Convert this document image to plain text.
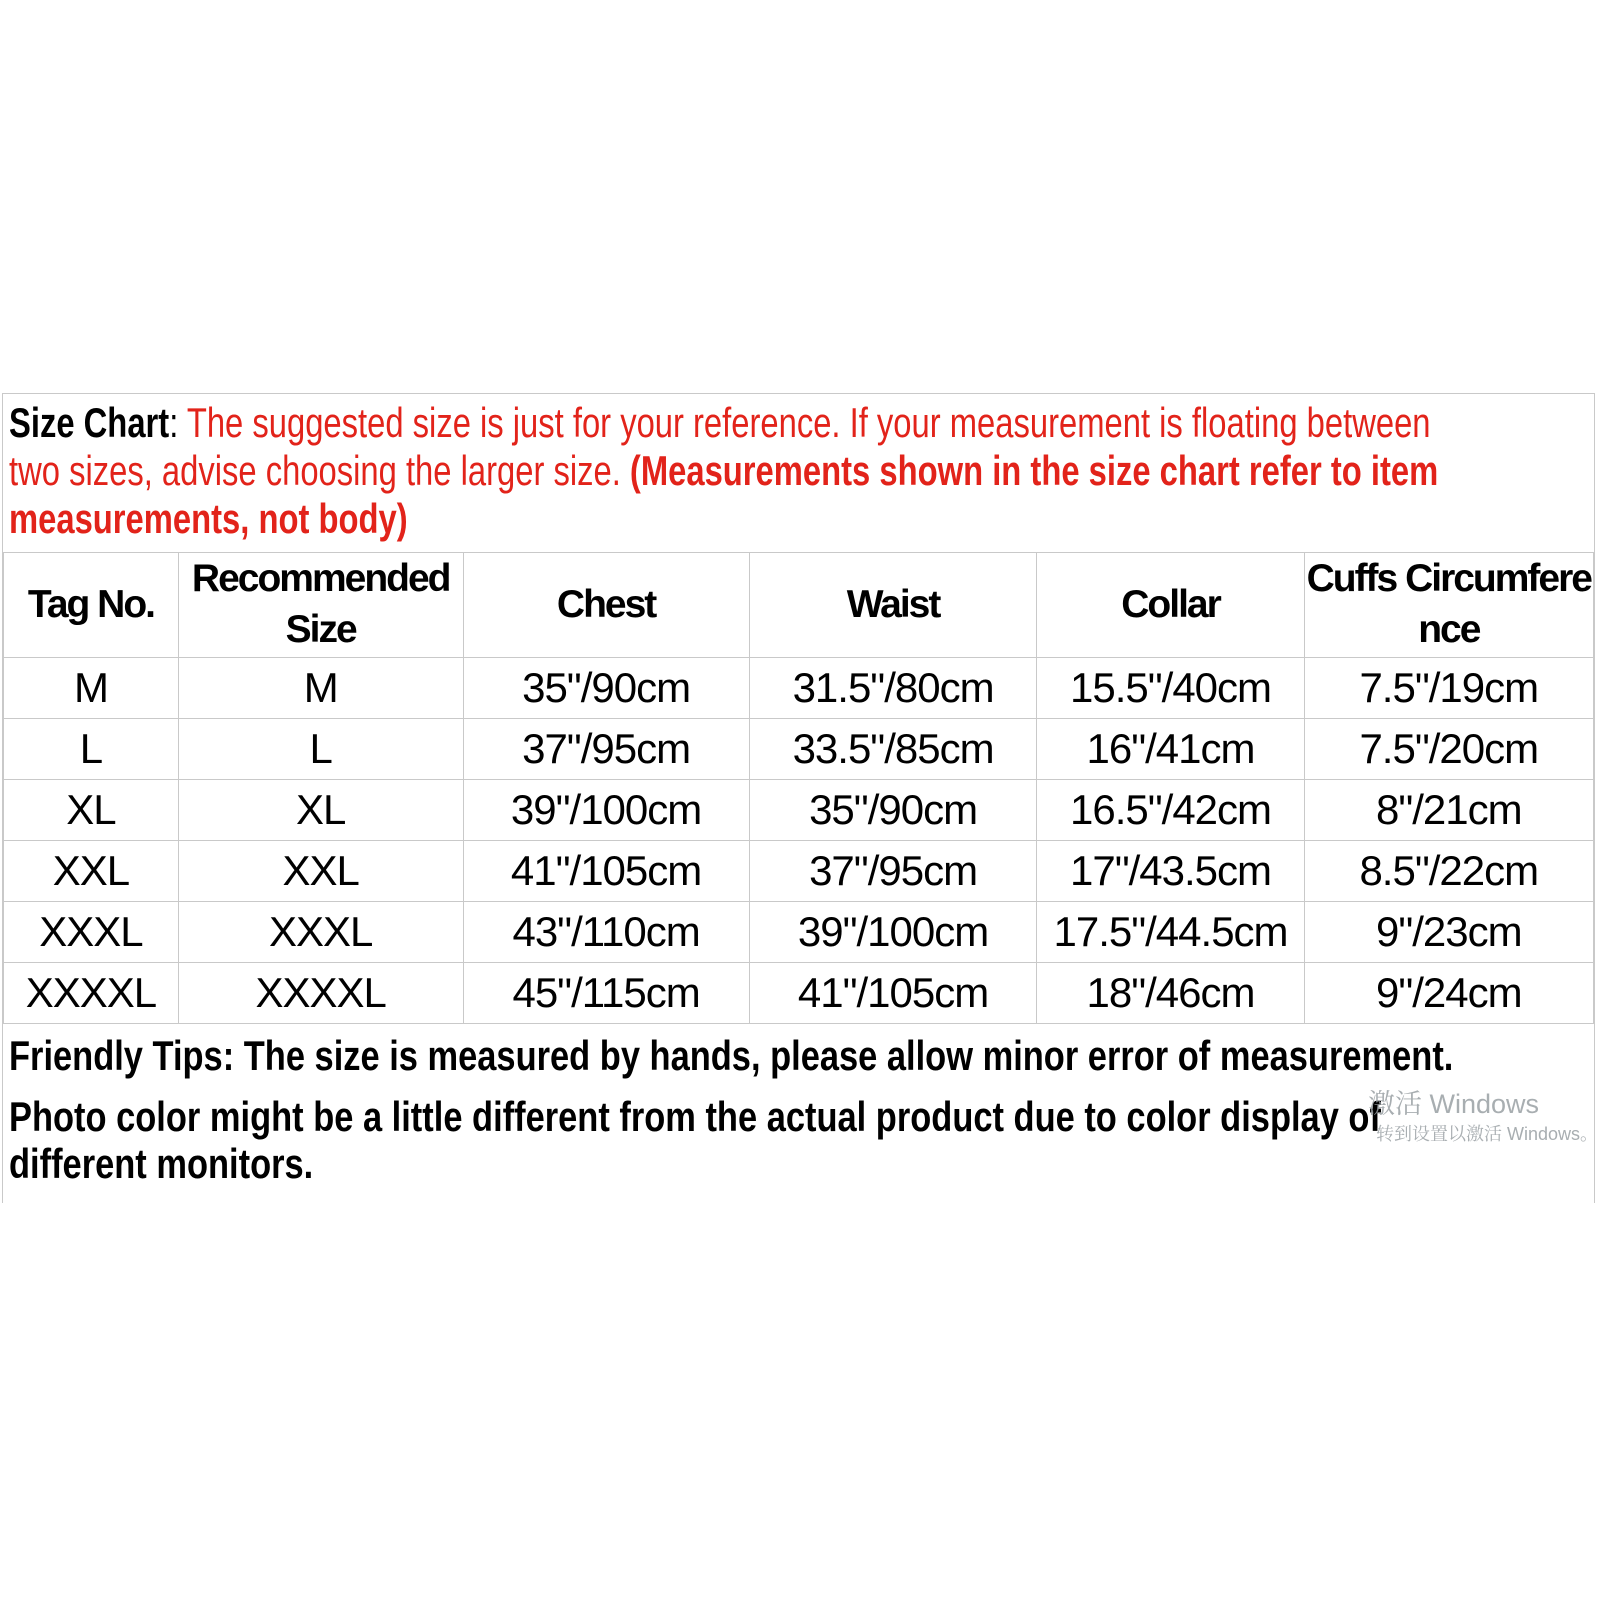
Size Chart: The suggested size is just for your reference. If your measurement is floating between
two sizes, advise choosing the larger size. (Measurements shown in the size chart refer to item
measurements, not body)
Tag No.	Recommended Size	Chest	Waist	Collar	Cuffs Circumference
M	M	35"/90cm	31.5"/80cm	15.5"/40cm	7.5"/19cm
L	L	37"/95cm	33.5"/85cm	16"/41cm	7.5"/20cm
XL	XL	39"/100cm	35"/90cm	16.5"/42cm	8"/21cm
XXL	XXL	41"/105cm	37"/95cm	17"/43.5cm	8.5"/22cm
XXXL	XXXL	43"/110cm	39"/100cm	17.5"/44.5cm	9"/23cm
XXXXL	XXXXL	45"/115cm	41"/105cm	18"/46cm	9"/24cm
Friendly Tips: The size is measured by hands, please allow minor error of measurement.
Photo color might be a little different from the actual product due to color display of
different monitors.
激活 Windows
转到设置以激活 Windows。
